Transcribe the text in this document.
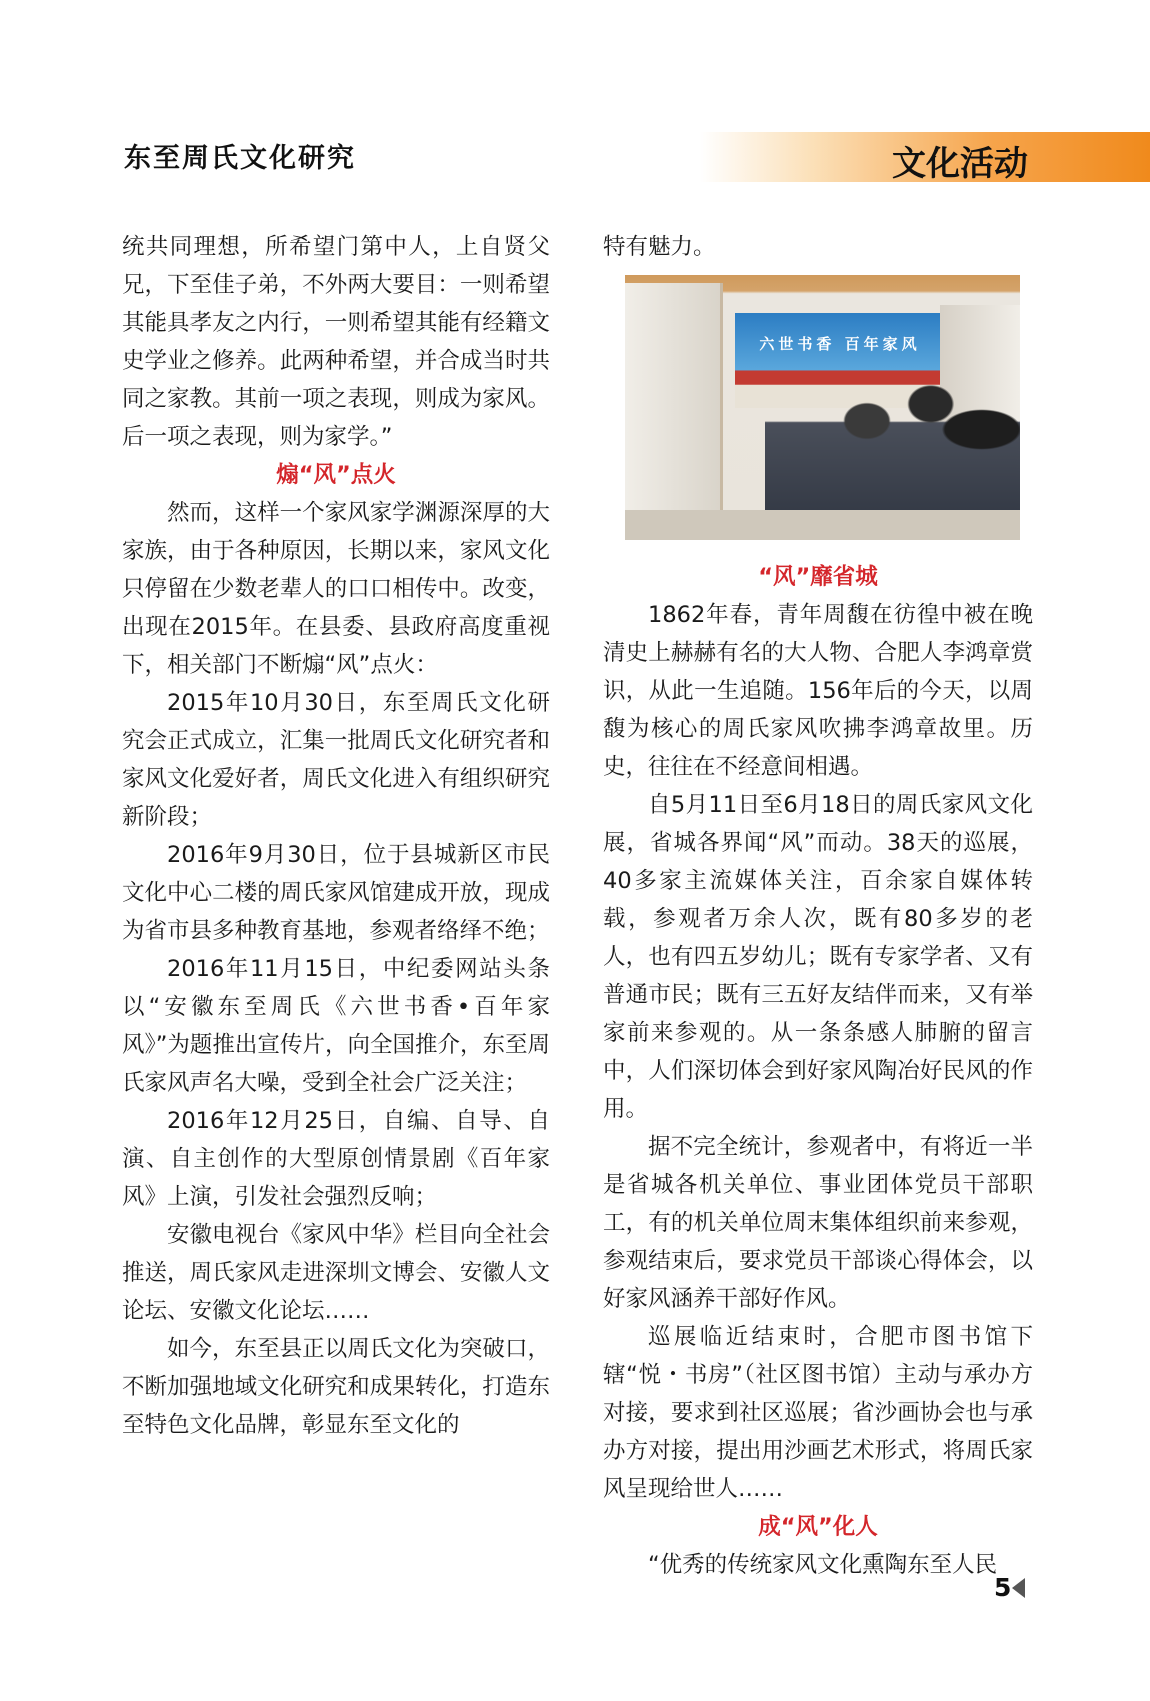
东至周氏文化研究	文化活动

统共同理想，所希望门第中人，上自贤父兄，下至佳子弟，不外两大要目：一则希望其能具孝友之内行，一则希望其能有经籍文史学业之修养。此两种希望，并合成当时共同之家教。其前一项之表现，则成为家风。后一项之表现，则为家学。”

煽“风”点火

然而，这样一个家风家学渊源深厚的大家族，由于各种原因，长期以来，家风文化只停留在少数老辈人的口口相传中。改变，出现在2015年。在县委、县政府高度重视下，相关部门不断煽“风”点火：

2015年10月30日，东至周氏文化研究会正式成立，汇集一批周氏文化研究者和家风文化爱好者，周氏文化进入有组织研究新阶段；

2016年9月30日，位于县城新区市民文化中心二楼的周氏家风馆建成开放，现成为省市县多种教育基地，参观者络绎不绝；

2016年11月15日，中纪委网站头条以“安徽东至周氏《六世书香•百年家风》”为题推出宣传片，向全国推介，东至周氏家风声名大噪，受到全社会广泛关注；

2016年12月25日，自编、自导、自演、自主创作的大型原创情景剧《百年家风》上演，引发社会强烈反响；

安徽电视台《家风中华》栏目向全社会推送，周氏家风走进深圳文博会、安徽人文论坛、安徽文化论坛……

如今，东至县正以周氏文化为突破口，不断加强地域文化研究和成果转化，打造东至特色文化品牌，彰显东至文化的

特有魅力。

六世书香 百年家风

“风”靡省城

1862年春，青年周馥在彷徨中被在晚清史上赫赫有名的大人物、合肥人李鸿章赏识，从此一生追随。156年后的今天，以周馥为核心的周氏家风吹拂李鸿章故里。历史，往往在不经意间相遇。

自5月11日至6月18日的周氏家风文化展，省城各界闻“风”而动。38天的巡展，40多家主流媒体关注，百余家自媒体转载，参观者万余人次，既有80多岁的老人，也有四五岁幼儿；既有专家学者、又有普通市民；既有三五好友结伴而来，又有举家前来参观的。从一条条感人肺腑的留言中，人们深切体会到好家风陶冶好民风的作用。

据不完全统计，参观者中，有将近一半是省城各机关单位、事业团体党员干部职工，有的机关单位周末集体组织前来参观，参观结束后，要求党员干部谈心得体会，以好家风涵养干部好作风。

巡展临近结束时，合肥市图书馆下辖“悦・书房”（社区图书馆）主动与承办方对接，要求到社区巡展；省沙画协会也与承办方对接，提出用沙画艺术形式，将周氏家风呈现给世人……

成“风”化人

“优秀的传统家风文化熏陶东至人民

5
